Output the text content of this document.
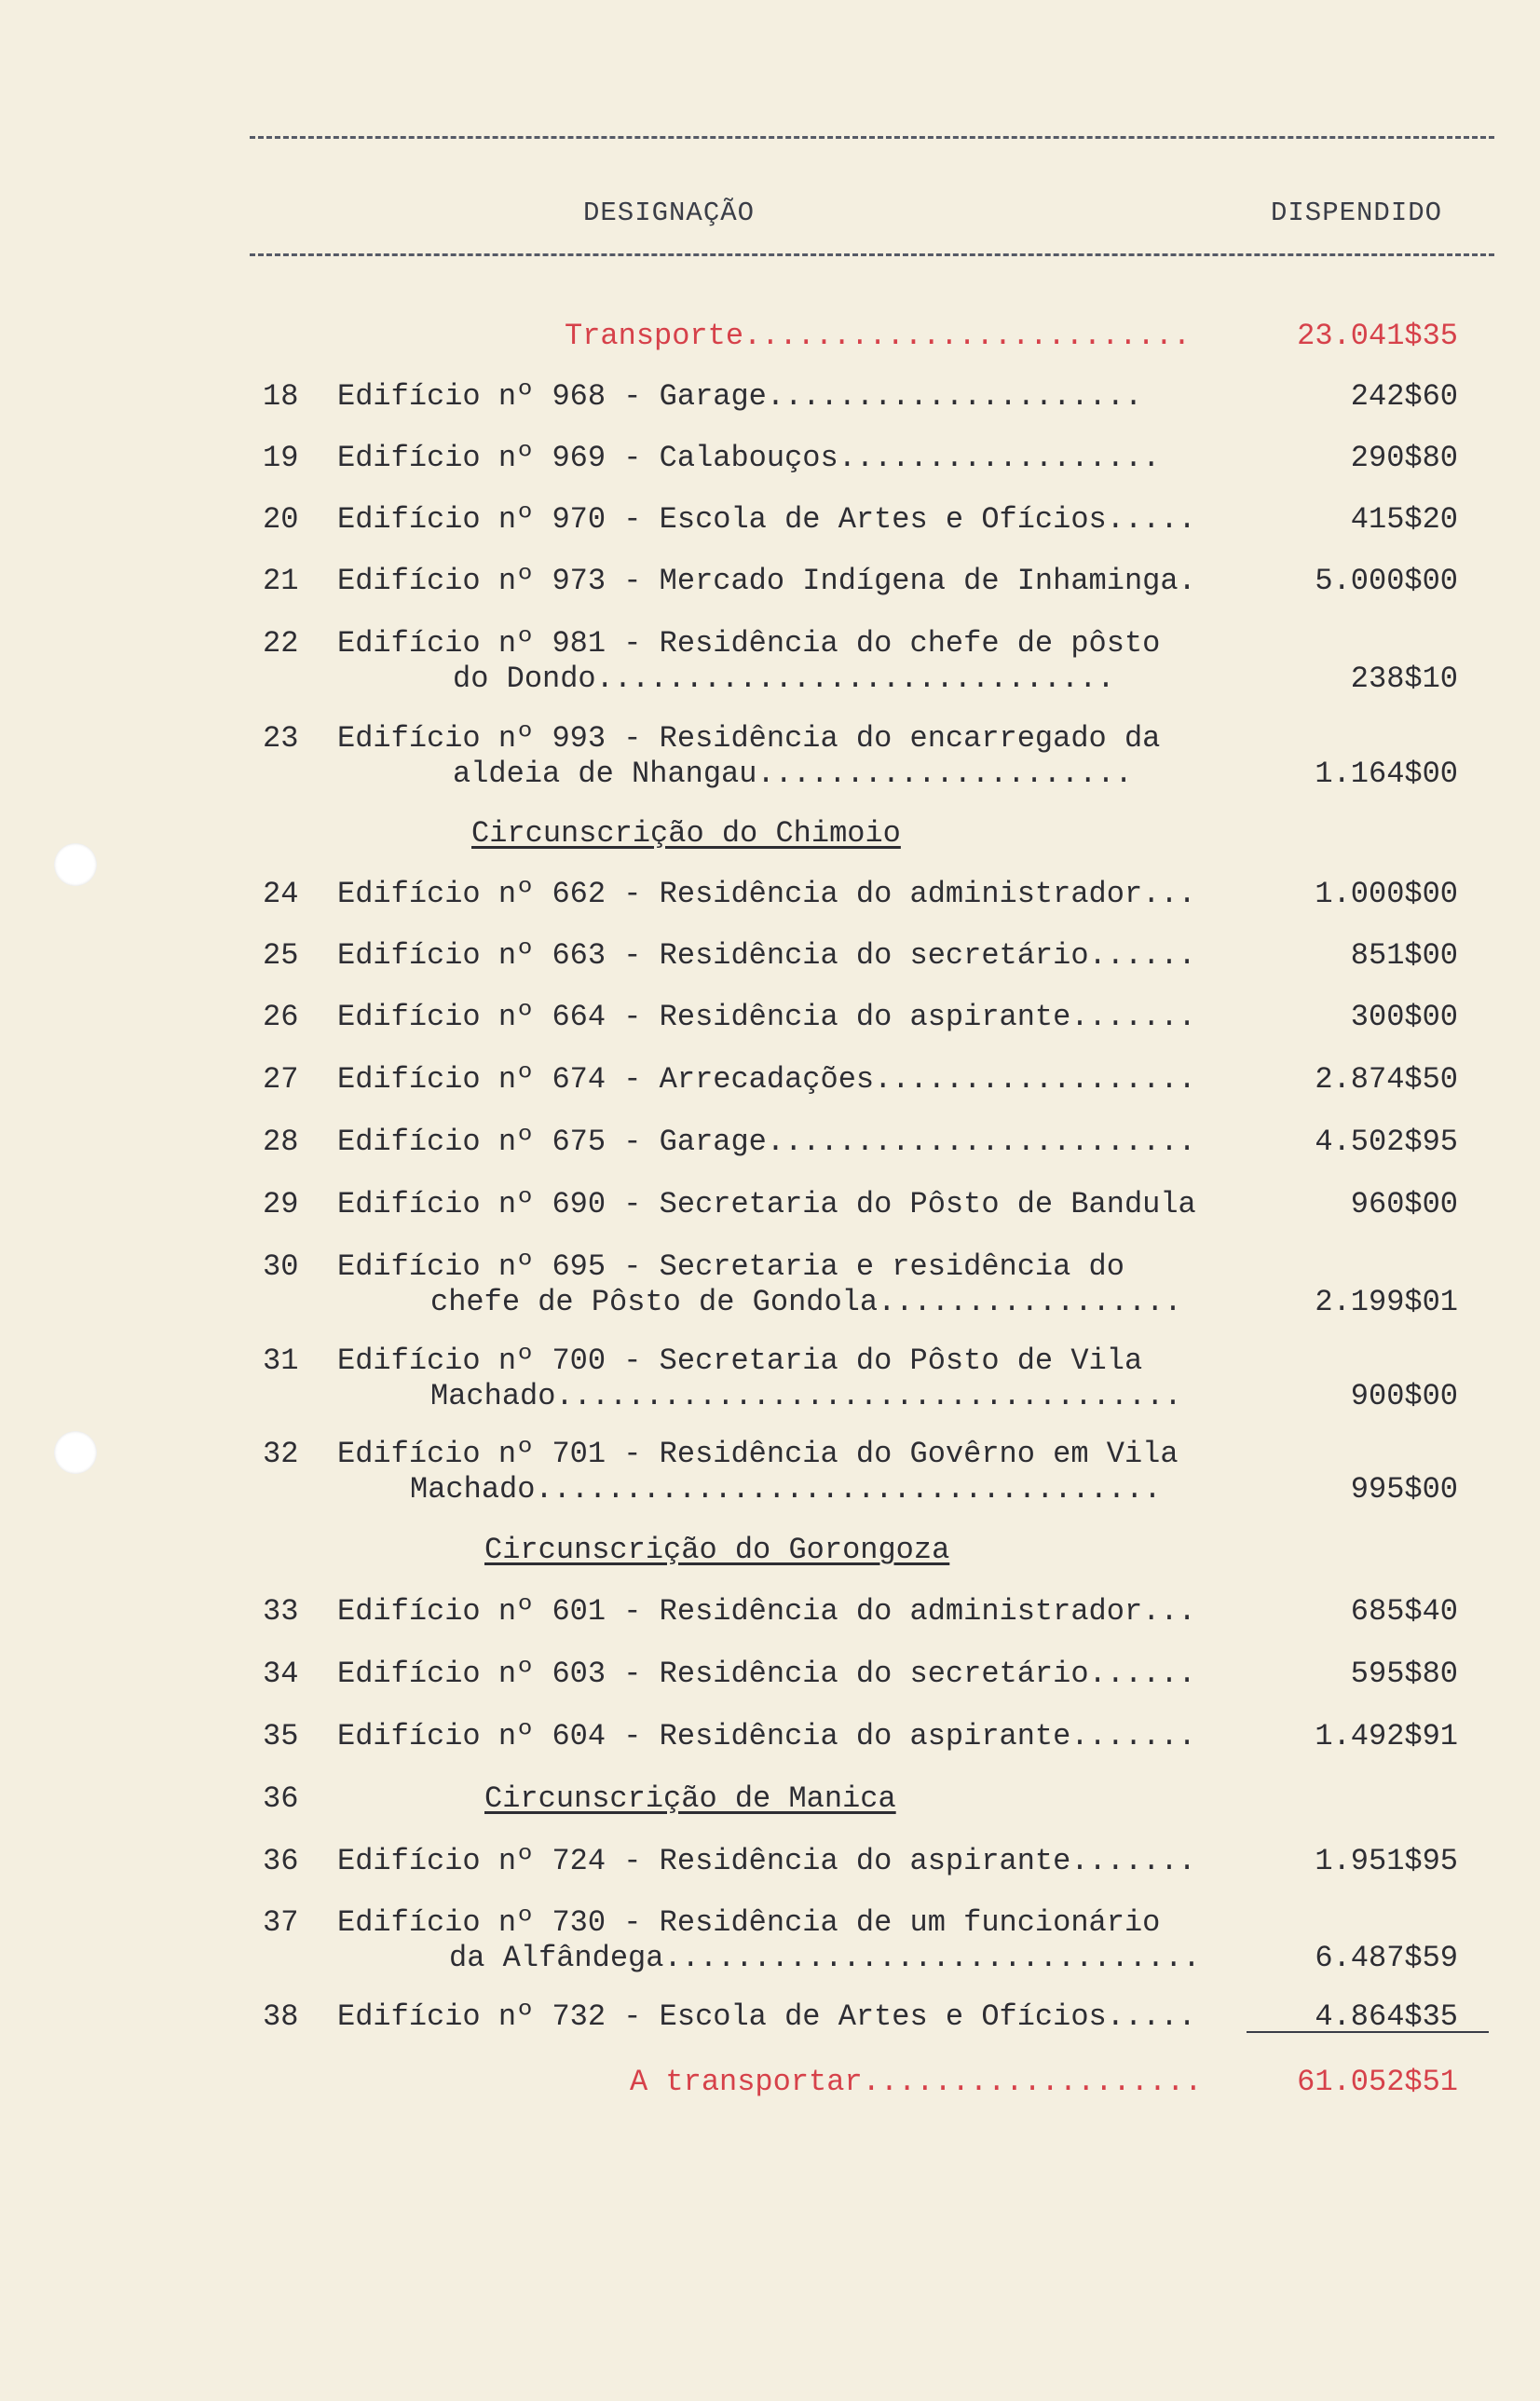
DESIGNAÇÃO	DISPENDIDO
Transporte.........................	23.041$35
18	Edifício nº 968 - Garage.....................	242$60
19	Edifício nº 969 - Calabouços..................	290$80
20	Edifício nº 970 - Escola de Artes e Ofícios.....	415$20
21	Edifício nº 973 - Mercado Indígena de Inhaminga.	5.000$00
22	Edifício nº 981 - Residência do chefe de pôsto
do Dondo.............................	238$10
23	Edifício nº 993 - Residência do encarregado da
aldeia de Nhangau.....................	1.164$00
Circunscrição do Chimoio
24	Edifício nº 662 - Residência do administrador...	1.000$00
25	Edifício nº 663 - Residência do secretário......	851$00
26	Edifício nº 664 - Residência do aspirante.......	300$00
27	Edifício nº 674 - Arrecadações..................	2.874$50
28	Edifício nº 675 - Garage........................	4.502$95
29	Edifício nº 690 - Secretaria do Pôsto de Bandula	960$00
30	Edifício nº 695 - Secretaria e residência do
chefe de Pôsto de Gondola.................	2.199$01
31	Edifício nº 700 - Secretaria do Pôsto de Vila
Machado...................................	900$00
32	Edifício nº 701 - Residência do Govêrno em Vila
Machado...................................	995$00
Circunscrição do Gorongoza
33	Edifício nº 601 - Residência do administrador...	685$40
34	Edifício nº 603 - Residência do secretário......	595$80
35	Edifício nº 604 - Residência do aspirante.......	1.492$91
36	Circunscrição de Manica
36	Edifício nº 724 - Residência do aspirante.......	1.951$95
37	Edifício nº 730 - Residência de um funcionário
da Alfândega..............................	6.487$59
38	Edifício nº 732 - Escola de Artes e Ofícios.....	4.864$35
A transportar...................	61.052$51
